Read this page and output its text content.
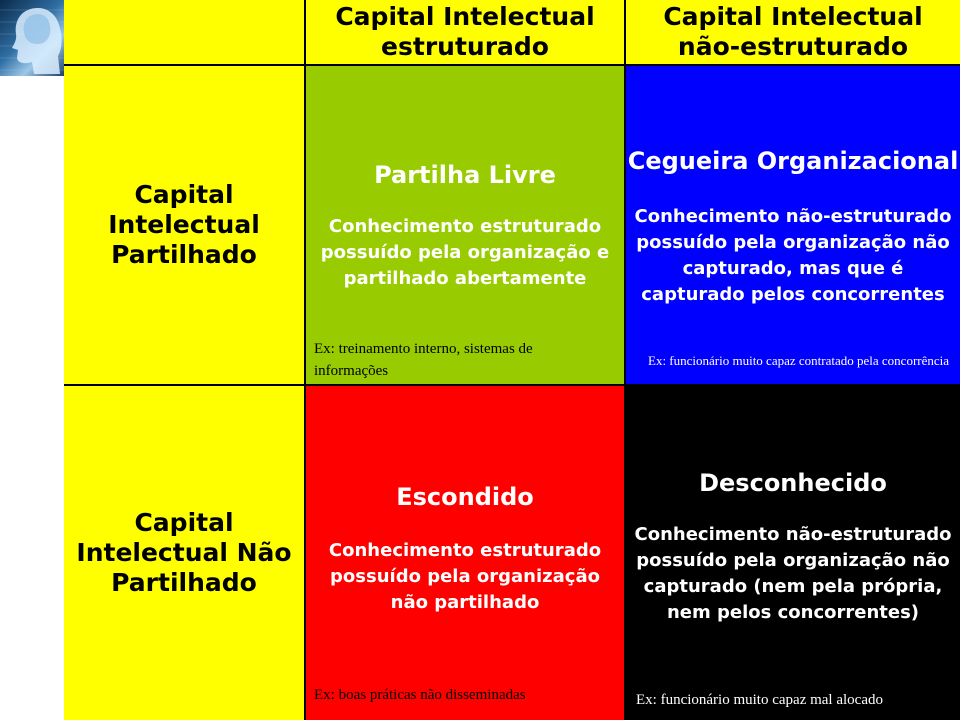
Capital Intelectual estruturado
Capital Intelectual não-estruturado
Capital Intelectual Partilhado
Partilha Livre
Conhecimento estruturado possuído pela organização e partilhado abertamente
Ex: treinamento interno, sistemas de informações
Cegueira Organizacional
Conhecimento não-estruturado possuído pela organização não capturado, mas que é capturado pelos concorrentes
Ex: funcionário muito capaz contratado pela concorrência
Capital Intelectual Não Partilhado
Escondido
Conhecimento estruturado possuído pela organização não partilhado
Ex: boas práticas não disseminadas
Desconhecido
Conhecimento não-estruturado possuído pela organização não capturado (nem pela própria, nem pelos concorrentes)
Ex: funcionário muito capaz mal alocado
